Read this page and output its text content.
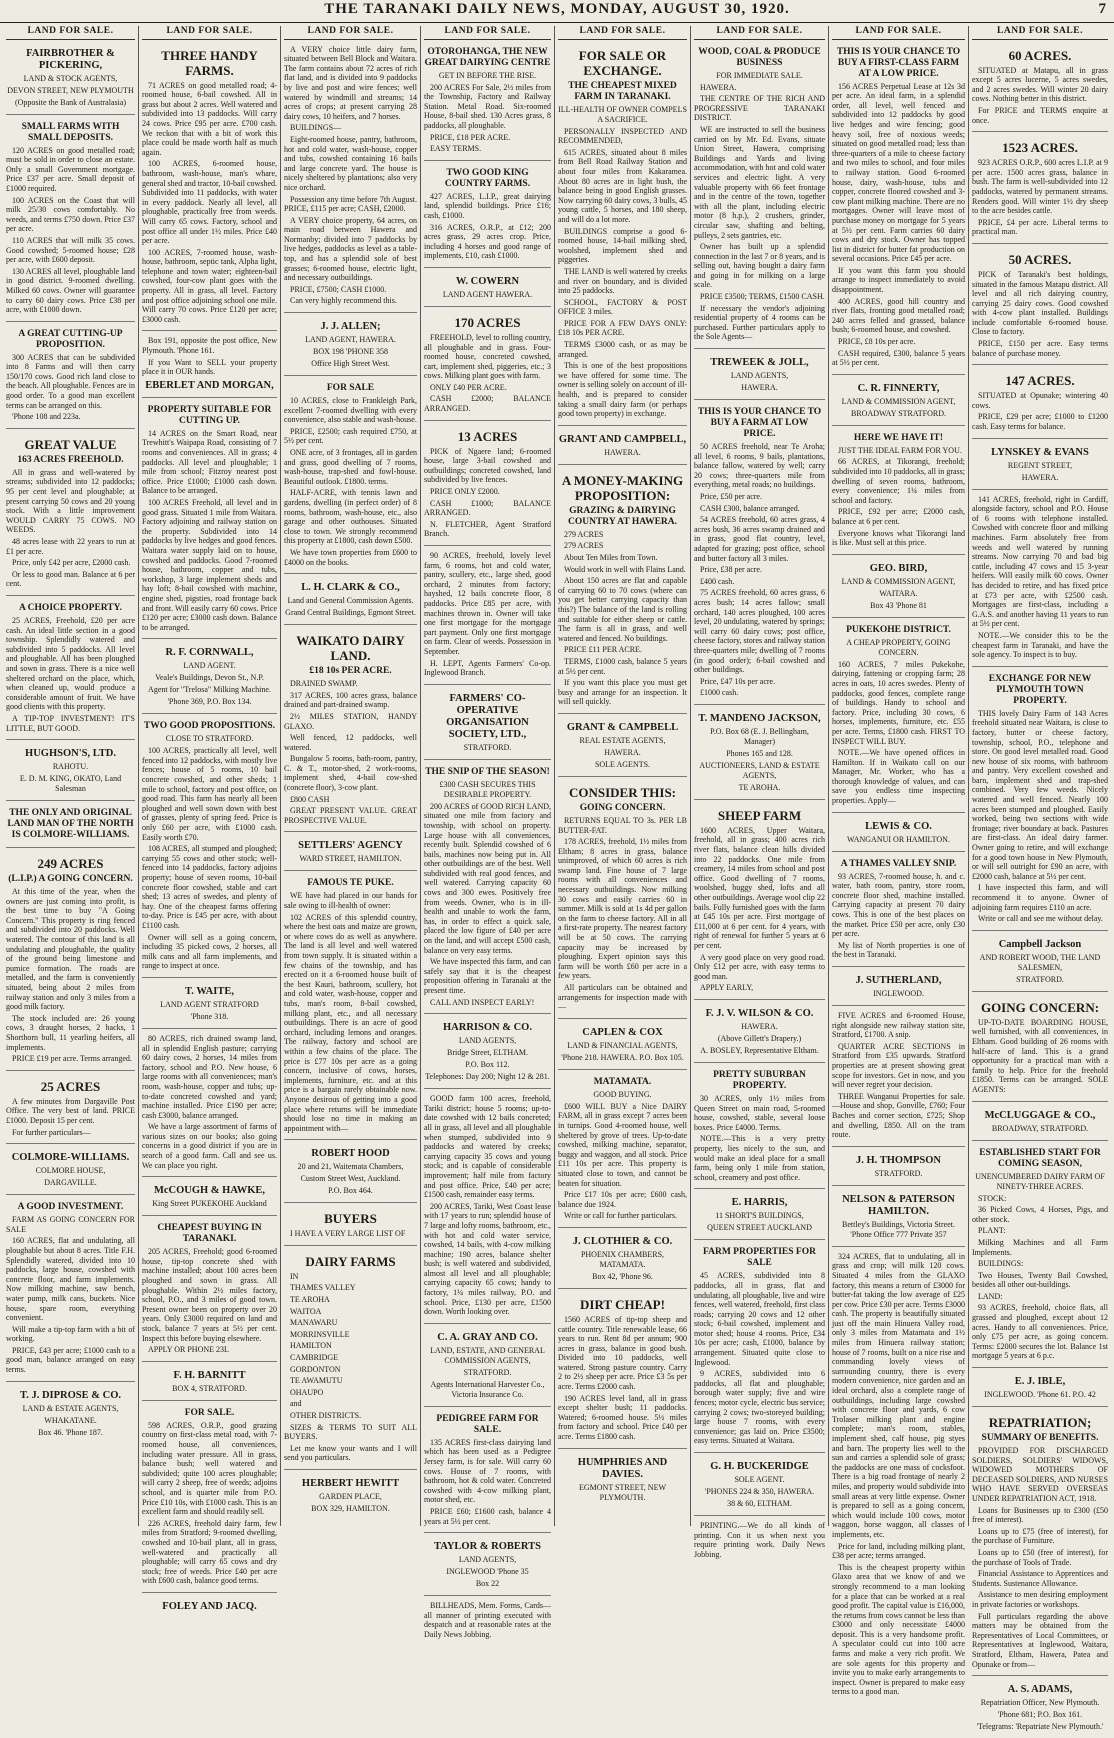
THE TARANAKI DAILY NEWS, MONDAY, AUGUST 30, 1920.	7
LAND FOR SALE.
FAIRBROTHER & PICKERING,
LAND & STOCK AGENTS,
DEVON STREET, NEW PLYMOUTH
(Opposite the Bank of Australasia)
SMALL FARMS WITH SMALL DEPOSITS.

120 ACRES on good metalled road; must be sold in order to close an estate. Only a small Government mortgage. Price £37 per acre. Small deposit of £1000 required.

100 ACRES on the Coast that will milk 25/30 cows comfortably. No weeds, and terms £750 down. Price £37 per acre.

110 ACRES that will milk 35 cows. Good cowshed; 5-roomed house; £28 per acre, with £600 deposit.

130 ACRES all level, ploughable land in good district. 9-roomed dwelling. Milked 60 cows. Owner will guarantee to carry 60 dairy cows. Price £38 per acre, with £1000 down.

A GREAT CUTTING-UP PROPOSITION.

300 ACRES that can be subdivided into 8 Farms and will then carry 150/170 cows. Good rich land close to the beach. All ploughable. Fences are in good order. To a good man excellent terms can be arranged on this.

'Phone 108 and 223a.

GREAT VALUE
163 ACRES FREEHOLD.

All in grass and well-watered by streams; subdivided into 12 paddocks; 95 per cent level and ploughable; at present carrying 50 cows and 20 young stock. With a little improvement WOULD CARRY 75 COWS. NO WEEDS.

48 acres lease with 22 years to run at £1 per acre.

Price, only £42 per acre, £2000 cash.

Or less to good man. Balance at 6 per cent.

A CHOICE PROPERTY.

25 ACRES, Freehold, £20 per acre cash. An ideal little section in a good township. Splendidly watered and subdivided into 5 paddocks. All level and ploughable. All has been ploughed and sown in grass. There is a nice well sheltered orchard on the place, which, when cleaned up, would produce a considerable amount of fruit. We have good clients with this property.

A TIP-TOP INVESTMENT! IT'S LITTLE, BUT GOOD.

HUGHSON'S, LTD.
RAHOTU.
E. D. M. KING, OKATO, Land Salesman
THE ONLY AND ORIGINAL LAND MAN OF THE NORTH IS COLMORE-WILLIAMS.
249 ACRES
(L.I.P.) A GOING CONCERN.

At this time of the year, when the owners are just coming into profit, is the best time to buy "A Going Concern." This property is ring fenced and subdivided into 20 paddocks. Well watered. The contour of this land is all undulating and ploughable, the quality of the ground being limestone and pumice formation. The roads are metalled, and the farm is conveniently situated, being about 2 miles from railway station and only 3 miles from a good milk factory.

The stock included are: 26 young cows, 3 draught horses, 2 hacks, 1 Shorthorn bull, 11 yearling heifers, all implements.

PRICE £19 per acre. Terms arranged.

25 ACRES

A few minutes from Dargaville Post Office. The very best of land. PRICE £1000. Deposit 15 per cent.

For further particulars—

COLMORE-WILLIAMS.
COLMORE HOUSE,
DARGAVILLE.
A GOOD INVESTMENT.

FARM AS GOING CONCERN FOR SALE

160 ACRES, flat and undulating, all ploughable but about 8 acres. Title F.H. Splendidly watered, divided into 10 paddocks, large house, cowshed with concrete floor, and farm implements. Now milking machine, saw bench, water pump, milk cans, buckets. Nice house, spare room, everything convenient.

Will make a tip-top farm with a bit of working.

PRICE, £43 per acre; £1000 cash to a good man, balance arranged on easy terms.

T. J. DIPROSE & CO.
LAND & ESTATE AGENTS,
WHAKATANE.
Box 46. 'Phone 187.
LAND FOR SALE.
THREE HANDY FARMS.

71 ACRES on good metalled road; 4-roomed house, 6-bail cowshed. All in grass but about 2 acres. Well watered and subdivided into 13 paddocks. Will carry 24 cows. Price £95 per acre. £700 cash. We reckon that with a bit of work this place could be made worth half as much again.

100 ACRES, 6-roomed house, bathroom, wash-house, man's whare, general shed and tractor, 10-bail cowshed. Subdivided into 11 paddocks, with water in every paddock. Nearly all level, all ploughable, practically free from weeds. Will carry 65 cows. Factory, school and post office all under 1½ miles. Price £40 per acre.

100 ACRES, 7-roomed house, wash-house, bathroom, septic tank, Alpha light, telephone and town water; eighteen-bail cowshed, four-cow plant goes with the property. All in grass, all level. Factory and post office adjoining school one mile. Will carry 70 cows. Price £120 per acre; £3000 cash.

Box 191, opposite the post office, New Plymouth. 'Phone 161.

If you Want to SELL your property place it in OUR hands.

EBERLET AND MORGAN,
PROPERTY SUITABLE FOR CUTTING UP.

14 ACRES on the Smart Road, near Trewhitt's Waipapa Road, consisting of 7 rooms and conveniences. All in grass; 4 paddocks. All level and ploughable; 1 mile from school; Fitzroy nearest post office. Price £1000; £1000 cash down. Balance to be arranged.

100 ACRES Freehold, all level and in good grass. Situated 1 mile from Waitara. Factory adjoining and railway station on the property. Subdivided into 14 paddocks by live hedges and good fences. Waitara water supply laid on to house, cowshed and paddocks. Good 7-roomed house, bathroom, copper and tubs, workshop, 3 large implement sheds and hay loft; 8-bail cowshed with machine, engine shed, pigsties, road frontage back and front. Will easily carry 60 cows. Price £120 per acre; £3000 cash down. Balance to be arranged.

R. F. CORNWALL,
LAND AGENT.
Veale's Buildings, Devon St., N.P.
Agent for "Trelosa" Milking Machine.
'Phone 369, P.O. Box 134.
TWO GOOD PROPOSITIONS.
CLOSE TO STRATFORD.

100 ACRES, practically all level, well fenced into 12 paddocks, with mostly live fences; house of 5 rooms, 10 bail concrete cowshed, and other sheds; 1 mile to school, factory and post office, on good road. This farm has nearly all been ploughed and well sown down with best of grasses, plenty of spring feed. Price is only £60 per acre, with £1000 cash. Easily worth £70.

108 ACRES, all stumped and ploughed; carrying 55 cows and other stock; well-fenced into 14 paddocks, factory adjoins property; house of seven rooms, 10-bail concrete floor cowshed, stable and cart shed; 13 acres of swedes, and plenty of hay. One of the cheapest farms offering to-day. Price is £45 per acre, with about £1100 cash.

Owner will sell as a going concern, including 35 picked cows, 2 horses, all milk cans and all farm implements, and range to inspect at once.

T. WAITE,
LAND AGENT STRATFORD
'Phone 318.

80 ACRES, rich drained swamp land, all in splendid English pasture; carrying 60 dairy cows, 2 horses, 14 miles from factory, school and P.O. New house, 6 large rooms with all conveniences; man's room, wash-house, copper and tubs; up-to-date concreted cowshed and yard; machine installed. Price £190 per acre; cash £3000, balance arranged.

We have a large assortment of farms of various sizes on our books; also going concerns in a good district if you are in search of a good farm. Call and see us. We can place you right.

McCOUGH & HAWKE,
King Street PUKEKOHE Auckland
CHEAPEST BUYING IN TARANAKI.

205 ACRES, Freehold; good 6-roomed house, tip-top concrete shed with machine installed; about 100 acres been ploughed and sown in grass. All ploughable. Within 2½ miles factory, school, P.O., and 3 miles of good town. Present owner been on property over 20 years. Only £3000 required on land and stock, balance 7 years at 5½ per cent. Inspect this before buying elsewhere.

APPLY OR PHONE 23L

F. H. BARNITT
BOX 4, STRATFORD.
FOR SALE.

598 ACRES, O.R.P., good grazing country on first-class metal road, with 7-roomed house, all conveniences, including water pressure. All in grass, balance bush; well watered and subdivided; quite 100 acres ploughable; will carry 2 sheep, free of weeds; adjoins school, and is quarter mile from P.O. Price £10 10s, with £1000 cash. This is an excellent farm and should readily sell.

226 ACRES, freehold dairy farm, few miles from Stratford; 9-roomed dwelling, cowshed and 10-bail plant, all in grass, well-watered and practically all ploughable; will carry 65 cows and dry stock; free of weeds. Price £40 per acre with £600 cash, balance good terms.

FOLEY AND JACQ.
LAND FOR SALE.

A VERY choice little dairy farm, situated between Bell Block and Waitara. The farm contains about 72 acres of rich flat land, and is divided into 9 paddocks by live and post and wire fences; well watered by windmill and streams; 14 acres of crops; at present carrying 28 dairy cows, 10 heifers, and 7 horses.

BUILDINGS—

Eight-roomed house, pantry, bathroom, hot and cold water, wash-house, copper and tubs, cowshed containing 16 bails and large concrete yard. The house is nicely sheltered by plantations; also very nice orchard.

Possession any time before 7th August. PRICE, £115 per acre; CASH, £2000.

A VERY choice property, 64 acres, on main road between Hawera and Normanby; divided into 7 paddocks by live hedges, paddocks as level as a table-top, and has a splendid sole of best grasses; 6-roomed house, electric light, and necessary outbuildings.

PRICE, £7500; CASH £1000.

Can very highly recommend this.

J. J. ALLEN;
LAND AGENT, HAWERA.
BOX 198 'PHONE 358
Office High Street West.
FOR SALE

10 ACRES, close to Frankleigh Park, excellent 7-roomed dwelling with every convenience, also stable and wash-house.

PRICE, £2500; cash required £750, at 5½ per cent.

ONE acre, of 3 frontages, all in garden and grass, good dwelling of 7 rooms, wash-house, trap-shed and fowl-house. Beautiful outlook. £1800. terms.

HALF-ACRE, with tennis lawn and gardens, dwelling (in perfect order) of 8 rooms, bathroom, wash-house, etc., also garage and other outhouses. Situated close to town. We strongly recommend this property at £1800, cash down £500.

We have town properties from £600 to £4000 on the books.

L. H. CLARK & CO.,
Land and General Commission Agents.
Grand Central Buildings, Egmont Street.
WAIKATO DAIRY LAND.
£18 10s PER ACRE.

DRAINED SWAMP.

317 ACRES, 100 acres grass, balance drained and part-drained swamp.

2½ MILES STATION, HANDY GLAXO.

Well fenced, 12 paddocks, well watered.

Bungalow 5 rooms, bath-room, pantry, C. & T., motor-shed, 2 work-rooms, implement shed, 4-bail cow-shed (concrete floor), 3-cow plant.

£800 CASH

GREAT PRESENT VALUE. GREAT PROSPECTIVE VALUE.

SETTLERS' AGENCY
WARD STREET, HAMILTON.
FAMOUS TE PUKE.

WE have had placed in our hands for sale owing to ill-health of owner:

102 ACRES of this splendid country, where the best oats and maize are grown, or where cows do as well as anywhere. The land is all level and well watered from town supply. It is situated within a few chains of the township, and has erected on it a 6-roomed house built of the best Kauri, bathroom, scullery, hot and cold water, wash-house, copper and tubs, man's room, 8-bail cowshed, milking plant, etc., and all necessary outbuildings. There is an acre of good orchard, including lemons and oranges. The railway, factory and school are within a few chains of the place. The price is £77 10s per acre as a going concern, inclusive of cows, horses, implements, furniture, etc. and at this price is a bargain rarely obtainable now. Anyone desirous of getting into a good place where returns will be immediate should lose no time in making an appointment with—

ROBERT HOOD
20 and 21, Waitemata Chambers,
Custom Street West, Auckland.
P.O. Box 464.
BUYERS

I HAVE A VERY LARGE LIST OF

DAIRY FARMS

IN

THAMES VALLEY

TE AROHA

WAITOA

MANAWARU

MORRINSVILLE

HAMILTON

CAMBRIDGE

GORDONTON

TE AWAMUTU

OHAUPO

and

OTHER DISTRICTS.

SIZES & TERMS TO SUIT ALL BUYERS.

Let me know your wants and I will send you particulars.

HERBERT HEWITT
GARDEN PLACE,
BOX 329, HAMILTON.
LAND FOR SALE.
OTOROHANGA, THE NEW GREAT DAIRYING CENTRE
GET IN BEFORE THE RISE.

200 ACRES For Sale, 2½ miles from the Township, Factory and Railway Station. Metal Road. Six-roomed House, 8-bail shed. 130 Acres grass, 8 paddocks, all ploughable.

PRICE, £18 PER ACRE.

EASY TERMS.

TWO GOOD KING COUNTRY FARMS.

427 ACRES, L.I.P., great dairying land, splendid buildings. Price £16; cash, £1000.

316 ACRES, O.R.P., at £12; 200 acres grass, 29 acres crop. Price, including 4 horses and good range of implements, £10, cash £1000.

W. COWERN
LAND AGENT HAWERA.
170 ACRES

FREEHOLD, level to rolling country, all ploughable and in grass. Four-roomed house, concreted cowshed, cart, implement shed, piggeries, etc.; 3 cows. Milking plant goes with farm.

ONLY £40 PER ACRE.

CASH £2000; BALANCE ARRANGED.

13 ACRES

PICK of Ngaere land; 6-roomed house, large 3-bail cowshed and outbuildings; concreted cowshed, land subdivided by live fences.

PRICE ONLY £2000.

CASH £1000; BALANCE ARRANGED.

N. FLETCHER, Agent Stratford Branch.

90 ACRES, freehold, lovely level farm, 6 rooms, hot and cold water, pantry, scullery, etc., large shed, good orchard, 2 minutes from factory; hayshed, 12 bails concrete floor, 8 paddocks. Price £85 per acre, with machines thrown in. Owner will take one first mortgage for the mortgage part payment. Only one first mortgage on farm. Clear of weeds. Possession in September.

H. LEPT, Agents Farmers' Co-op. Inglewood Branch.

FARMERS' CO-OPERATIVE ORGANISATION SOCIETY, LTD.,
STRATFORD.
THE SNIP OF THE SEASON!
£300 CASH SECURES THIS DESIRABLE PROPERTY.

200 ACRES of GOOD RICH LAND, situated one mile from factory and township, with school on property. Large house with all conveniences, recently built. Splendid cowshed of 6 bails, machines now being put in. All other outbuildings are of the best. Well subdivided with real good fences, and well watered. Carrying capacity 60 cows and 300 ewes. Positively free from weeds. Owner, who is in ill-health and unable to work the farm, has, in order to effect a quick sale, placed the low figure of £40 per acre on the land, and will accept £500 cash, balance on very easy terms.

We have inspected this farm, and can safely say that it is the cheapest proposition offering in Taranaki at the present time.

CALL AND INSPECT EARLY!

HARRISON & CO.
LAND AGENTS,
Bridge Street, ELTHAM.
P.O. Box 112.
Telephones: Day 200; Night 12 & 281.

GOOD farm 100 acres, freehold, Tariki district; house 5 rooms; up-to-date cowshed with 12 bails concreted; all in grass, all level and all ploughable when stumped, subdivided into 9 paddocks and watered by creeks; carrying capacity 35 cows and young stock; and is capable of considerable improvement; half mile from factory and post office. Price, £40 per acre; £1500 cash, remainder easy terms.

200 ACRES, Tariki, West Coast lease with 17 years to run; splendid house of 7 large and lofty rooms, bathroom, etc., with hot and cold water service, cowshed, 14 bails, with 4-cow milking machine; 190 acres, balance shelter bush; is well watered and subdivided, almost all level and all ploughable; carrying capacity 65 cows; handy to factory, 1¼ miles railway, P.O. and school. Price, £130 per acre, £1500 down. Worth looking over.

C. A. GRAY AND CO.
LAND, ESTATE, AND GENERAL COMMISSION AGENTS,
STRATFORD.
Agents International Harvester Co., Victoria Insurance Co.
PEDIGREE FARM FOR SALE.

135 ACRES first-class dairying land which has been used as a Pedigree Jersey farm, is for sale. Will carry 60 cows. House of 7 rooms, with bathroom, hot & cold water. Concreted cowshed with 4-cow milking plant, motor shed, etc.

PRICE £60; £1600 cash, balance 4 years at 5½ per cent.

TAYLOR & ROBERTS
LAND AGENTS,
INGLEWOOD 'Phone 35
Box 22

BILLHEADS, Mem. Forms, Cards—all manner of printing executed with despatch and at reasonable rates at the Daily News Jobbing.

LAND FOR SALE.
FOR SALE OR EXCHANGE.
THE CHEAPEST MIXED FARM IN TARANAKI.
ILL-HEALTH OF OWNER COMPELS A SACRIFICE.

PERSONALLY INSPECTED AND RECOMMENDED,

615 ACRES, situated about 8 miles from Bell Road Railway Station and about four miles from Kakaramea. About 80 acres are in light bush, the balance being in good English grasses. Now carrying 60 dairy cows, 3 bulls, 45 young cattle, 5 horses, and 180 sheep, and will do a lot more.

BUILDINGS comprise a good 6-roomed house, 14-bail milking shed, woolshed, implement shed and piggeries.

THE LAND is well watered by creeks and river on boundary, and is divided into 25 paddocks.

SCHOOL, FACTORY & POST OFFICE 3 miles.

PRICE FOR A FEW DAYS ONLY: £18 10s PER ACRE.

TERMS £3000 cash, or as may be arranged.

This is one of the best propositions we have offered for some time. The owner is selling solely on account of ill-health, and is prepared to consider taking a small dairy farm (or perhaps good town property) in exchange.

GRANT AND CAMPBELL,
HAWERA.
A MONEY-MAKING PROPOSITION:
GRAZING & DAIRYING COUNTRY AT HAWERA.

279 ACRES

279 ACRES

About Ten Miles from Town.

Would work in well with Flains Land.

About 150 acres are flat and capable of carrying 60 to 70 cows (where can you get better carrying capacity than this?) The balance of the land is rolling and suitable for either sheep or cattle. The farm is all in grass, and well watered and fenced. No buildings.

PRICE £11 PER ACRE.

TERMS, £1000 cash, balance 5 years at 5½ per cent.

If you want this place you must get busy and arrange for an inspection. It will sell quickly.

GRANT & CAMPBELL
REAL ESTATE AGENTS,
HAWERA.
SOLE AGENTS.
CONSIDER THIS:
GOING CONCERN.

RETURNS EQUAL TO 3s. PER LB BUTTER-FAT.

178 ACRES, freehold, 1½ miles from Eltham; 8 acres in grass, balance unimproved, of which 60 acres is rich swamp land. Fine house of 7 large rooms with all conveniences and necessary outbuildings. Now milking 30 cows and easily carries 60 in summer. Milk is sold at 1s 4d per gallon on the farm to cheese factory. All in all a first-rate property. The nearest factory will be at 50 cows. The carrying capacity may be increased by ploughing. Expert opinion says this farm will be worth £60 per acre in a few years.

All particulars can be obtained and arrangements for inspection made with—

CAPLEN & COX
LAND & FINANCIAL AGENTS,
'Phone 218. HAWERA. P.O. Box 105.
MATAMATA.
GOOD BUYING.

£600 WILL BUY a Nice DAIRY FARM, all in grass except 7 acres been in turnips. Good 4-roomed house, well sheltered by grove of trees. Up-to-date cowshed, milking machine, separator, buggy and waggon, and all stock. Price £11 10s per acre. This property is situated close to town, and cannot be beaten for situation.

Price £17 10s per acre; £600 cash, balance due 1924.

Write or call for further particulars.

J. CLOTHIER & CO.
PHOENIX CHAMBERS, MATAMATA.
Box 42, 'Phone 96.
DIRT CHEAP!

1560 ACRES of tip-top sheep and cattle country. Title renewable lease, 66 years to run. Rent 8d per annum; 900 acres in grass, balance in good bush. Divided into 10 paddocks, well watered. Strong pasture country. Carry 2 to 2½ sheep per acre. Price £3 5s per acre. Terms £2000 cash.

190 ACRES level land, all in grass except shelter bush; 11 paddocks. Watered; 6-roomed house. 5½ miles from factory and school. Price £40 per acre. Terms £1800 cash.

HUMPHRIES AND DAVIES.
EGMONT STREET, NEW PLYMOUTH.
LAND FOR SALE.
WOOD, COAL & PRODUCE BUSINESS
FOR IMMEDIATE SALE.

HAWERA.

THE CENTRE OF THE RICH AND PROGRESSIVE TARANAKI DISTRICT.

WE are instructed to sell the business carried on by Mr. Ed. Evans, situate Union Street, Hawera, comprising Buildings and Yards and living accommodation, with hot and cold water services and electric light. A very valuable property with 66 feet frontage and in the centre of the town, together with all the plant, including electric motor (8 h.p.), 2 crushers, grinder, circular saw, shafting and belting, pulleys, 2 sets gantries, etc.

Owner has built up a splendid connection in the last 7 or 8 years, and is selling out, having bought a dairy farm and going in for milking on a large scale.

PRICE £3500; TERMS, £1500 CASH.

If necessary the vendor's adjoining residential property of 4 rooms can be purchased. Further particulars apply to the Sole Agents—

TREWEEK & JOLL,
LAND AGENTS,
HAWERA.
THIS IS YOUR CHANCE TO BUY A FARM AT LOW PRICE.

50 ACRES freehold, near Te Aroha; all level, 6 rooms, 9 bails, plantations, balance fallow, watered by well; carry 20 cows; three-quarters mile from everything, metal roads; no buildings.

Price, £50 per acre.

CASH £300, balance arranged.

54 ACRES freehold, 60 acres grass, 4 acres bush, 36 acres swamp drained and in grass, good flat country, level, adapted for grazing; post office, school and butter factory all 3 miles.

Price, £38 per acre.

£400 cash.

75 ACRES freehold, 60 acres grass, 6 acres bush; 14 acres fallow; small orchard, 140 acres ploughed, 100 acres level, 20 undulating, watered by springs; will carry 60 dairy cows; post office, cheese factory, stores and railway station three-quarters mile; dwelling of 7 rooms (in good order); 6-bail cowshed and other buildings.

Price, £47 10s per acre.

£1000 cash.

T. MANDENO JACKSON,
P.O. Box 68 (E. J. Bellingham, Manager)
Phones 165 and 128.
AUCTIONEERS, LAND & ESTATE AGENTS,
TE AROHA.
SHEEP FARM

1600 ACRES, Upper Waitara, freehold, all in grass; 400 acres rich river flats, balance clean hills divided into 22 paddocks. One mile from creamery, 14 miles from school and post office. Good dwelling of 7 rooms, woolshed, buggy shed, lofts and all other outbuildings. Average wool clip 22 bails. Fully furnished goes with the farm at £45 10s per acre. First mortgage of £11,000 at 6 per cent. for 4 years, with right of renewal for further 5 years at 6 per cent.

A very good place on very good road. Only £12 per acre, with easy terms to good man.

APPLY EARLY,

F. J. V. WILSON & CO.
HAWERA.
(Above Gillett's Drapery.)
A. BOSLEY, Representative Eltham.
PRETTY SUBURBAN PROPERTY.

30 ACRES, only 1½ miles from Queen Street on main road, 5-roomed house, cowshed, stable, several loose boxes. Price £4000. Terms.

NOTE.—This is a very pretty property, lies nicely to the sun, and would make an ideal place for a small farm, being only 1 mile from station, school, creamery and post office.

E. HARRIS,
11 SHORT'S BUILDINGS,
QUEEN STREET AUCKLAND
FARM PROPERTIES FOR SALE

45 ACRES, subdivided into 8 paddocks, all in grass, flat and undulating, all ploughable, live and wire fences, well watered, freehold, first class roads; carrying 20 cows and 12 other stock; 6-bail cowshed, implement and motor shed; house 4 rooms. Price, £34 10s per acre; cash, £1000, balance by arrangement. Situated quite close to Inglewood.

9 ACRES, subdivided into 6 paddocks, all flat and ploughable; borough water supply; five and wire fences; motor cycle, electric bus service; carrying 2 cows; two-storeyed building; large house 7 rooms, with every convenience; gas laid on. Price £3500; easy terms. Situated at Waitara.

G. H. BUCKERIDGE
SOLE AGENT.
'PHONES 224 & 350, HAWERA.
38 & 60, ELTHAM.

PRINTING.—We do all kinds of printing. Con it us when next you require printing work. Daily News Jobbing.

LAND FOR SALE.
THIS IS YOUR CHANCE TO BUY A FIRST-CLASS FARM AT A LOW PRICE.

156 ACRES Perpetual Lease at 12s 3d per acre. An ideal farm, in a splendid order, all level, well fenced and subdivided into 12 paddocks by good live hedges and wire fencing; good heavy soil, free of noxious weeds; situated on good metalled road; less than three-quarters of a mile to cheese factory and two miles to school, and four miles to railway station. Good 6-roomed house, dairy, wash-house, tubs and copper, concrete floored cowshed and 3-cow plant milking machine. There are no mortgages. Owner will leave most of purchase money on mortgage for 5 years at 5½ per cent. Farm carries 60 dairy cows and dry stock. Owner has topped list in district for butter fat production on several occasions. Price £45 per acre.

If you want this farm you should arrange to inspect immediately to avoid disappointment.

400 ACRES, good hill country and river flats, fronting good metalled road; 240 acres felled and grassed, balance bush; 6-roomed house, and cowshed.

PRICE, £8 10s per acre.

CASH required, £300, balance 5 years at 5½ per cent.

C. R. FINNERTY,
LAND & COMMISSION AGENT,
BROADWAY STRATFORD.
HERE WE HAVE IT!

JUST THE IDEAL FARM FOR YOU.

66 ACRES, at Tikorangi, freehold; subdivided into 10 paddocks, all in grass; dwelling of seven rooms, bathroom, every convenience; 1¼ miles from school and factory.

PRICE, £92 per acre; £2000 cash, balance at 6 per cent.

Everyone knows what Tikorangi land is like. Must sell at this price.

GEO. BIRD,
LAND & COMMISSION AGENT,
WAITARA.
Box 43 'Phone 81
PUKEKOHE DISTRICT.
A CHEAP PROPERTY, GOING CONCERN.

160 ACRES, 7 miles Pukekohe, dairying, fattening or cropping farm; 28 acres in oats, 10 acres swedes. Plenty of paddocks, good fences, complete range of buildings. Handy to school and factory. Price, including 30 cows, 6 horses, implements, furniture, etc. £55 per acre. Terms, £1800 cash. FIRST TO INSPECT WILL BUY.

NOTE.—We have opened offices in Hamilton. If in Waikato call on our Manager, Mr. Worker, who has a thorough knowledge of values, and can save you endless time inspecting properties. Apply—

LEWIS & CO.
WANGANUI OR HAMILTON.
A THAMES VALLEY SNIP.

93 ACRES, 7-roomed house, h. and c. water, bath room, pantry, store room, concrete floor shed, machine installed. Carrying capacity at present 70 dairy cows. This is one of the best places on the market. Price £50 per acre, only £30 per acre.

My list of North properties is one of the best in Taranaki.

J. SUTHERLAND,
INGLEWOOD.

FIVE ACRES and 6-roomed House, right alongside new railway station site, Stratford, £1700. A snip.

QUARTER ACRE SECTIONS in Stratford from £35 upwards. Stratford properties are at present showing great scope for investors. Get in now, and you will never regret your decision.

THREE Wanganui Properties for sale.—House and shop, Gonville, £760; Four Baches and corner section, £725; Shop and dwelling, £850. All on the tram route.

J. H. THOMPSON
STRATFORD.
NELSON & PATERSON HAMILTON.
Bettley's Buildings, Victoria Street. 'Phone Office 777 Private 357

324 ACRES, flat to undulating, all in grass and crop; will milk 120 cows. Situated 4 miles from the GLAXO factory, this means a return of £3000 for butter-fat taking the low average of £25 per cow. Price £30 per acre. Terms £3000 cash. The property is beautifully situated just off the main Hinuera Valley road, only 3 miles from Matamata and 1½ miles from Hinuera railway station; house of 7 rooms, built on a nice rise and commanding lovely views of surrounding country, there is every modern convenience, nice garden and an ideal orchard, also a complete range of outbuildings, including large cowshed with concrete floor and yards, 6 cow Trolaser milking plant and engine complete; man's room, stables, implement shed, calf house, pig styes and barn. The property lies well to the sun and carries a splendid sole of grass; the paddocks are one mass of cocksfoot. There is a big road frontage of nearly 2 miles, and property would subdivide into small areas at very little expense. Owner is prepared to sell as a going concern, which would include 100 cows, motor waggon, horse waggon, all classes of implements, etc.

Price for land, including milking plant, £38 per acre; terms arranged.

This is the cheapest property within Glaxo area that we know of and we strongly recommend to a man looking for a place that can be worked at a real good profit. The capital value is £16,000, the returns from cows cannot be less than £3000 and only necessitate £4000 deposit. This is a very handsome profit. A speculator could cut into 100 acre farms and make a very rich profit. We are sole agents for this property and invite you to make early arrangements to inspect. Owner is prepared to make easy terms to a good man.

LAND FOR SALE.
60 ACRES.

SITUATED at Matapu, all in grass except 5 acres lucerne, 5 acres swedes, and 2 acres swedes. Will winter 20 dairy cows. Nothing better in this district.

For PRICE and TERMS enquire at once.

1523 ACRES.

923 ACRES O.R.P., 600 acres L.I.P. at 9 per acre. 1500 acres grass, balance in bush. The farm is well-subdivided into 12 paddocks, watered by permanent streams. Renders good. Will winter 1½ dry sheep to the acre besides cattle.

PRICE, £4 per acre. Liberal terms to practical man.

50 ACRES.

PICK of Taranaki's best holdings, situated in the famous Matapu district. All level and all rich dairying country, carrying 25 dairy cows. Good cowshed with 4-cow plant installed. Buildings include comfortable 6-roomed house. Close to factory.

PRICE, £150 per acre. Easy terms balance of purchase money.

147 ACRES.

SITUATED at Opunake; wintering 40 cows.

PRICE, £29 per acre; £1000 to £1200 cash. Easy terms for balance.

LYNSKEY & EVANS
REGENT STREET,
HAWERA.

141 ACRES, freehold, right in Cardiff, alongside factory, school and P.O. House of 6 rooms with telephone installed. Cowshed with concrete floor and milking machines. Farm absolutely free from weeds and well watered by running streams. Now carrying 70 and bad big cattle, including 47 cows and 15 3-year heifers. Will easily milk 60 cows. Owner has decided to retire, and has fixed price at £73 per acre, with £2500 cash. Mortgages are first-class, including a G.A.S. and another having 11 years to run at 5½ per cent.

NOTE.—We consider this to be the cheapest farm in Taranaki, and have the sole agency. To inspect is to buy.

EXCHANGE FOR NEW PLYMOUTH TOWN PROPERTY.

THIS lovely Dairy Farm of 143 Acres freehold situated near Waitara, is close to factory, butter or cheese factory, township, school, P.O., telephone and store. On good level metalled road. Good new house of six rooms, with bathroom and pantry. Very excellent cowshed and barn, implement shed and trap-shed combined. Very few weeds. Nicely watered and well fenced. Nearly 100 acres been stumped and ploughed. Easily worked, being two sections with wide frontage; river boundary at back. Pastures are first-class. An ideal dairy farmer. Owner going to retire, and will exchange for a good town house in New Plymouth, or will sell outright for £90 an acre, with £2000 cash, balance at 5½ per cent.

I have inspected this farm, and will recommend it to anyone. Owner of adjoining farm requires £110 an acre.

Write or call and see me without delay.

Campbell Jackson
AND ROBERT WOOD, THE LAND SALESMEN,
STRATFORD.
GOING CONCERN:

UP-TO-DATE BOARDING HOUSE, well furnished, with all conveniences, in Eltham. Good building of 26 rooms with half-acre of land. This is a grand opportunity for a practical man with a family to help. Price for the freehold £1850. Terms can be arranged. SOLE AGENTS:

McCLUGGAGE & CO.,
BROADWAY, STRATFORD.
ESTABLISHED START FOR COMING SEASON,
UNENCUMBERED DAIRY FARM OF NINETY-THREE ACRES.

STOCK:

36 Picked Cows, 4 Horses, Pigs, and other stock.

PLANT:

Milking Machines and all Farm Implements.

BUILDINGS:

Two Houses, Twenty Bail Cowshed, besides all other out-buildings.

LAND:

93 ACRES, freehold, choice flats, all grassed and ploughed, except about 12 acres. Handy to all conveniences. Price, only £75 per acre, as going concern. Terms: £2000 secures the lot. Balance 1st mortgage 5 years at 6 p.c.

E. J. IBLE,
INGLEWOOD. 'Phone 61. P.O. 42
REPATRIATION;
SUMMARY OF BENEFITS.

PROVIDED FOR DISCHARGED SOLDIERS, SOLDIERS' WIDOWS, WIDOWED MOTHERS OF DECEASED SOLDIERS, AND NURSES WHO HAVE SERVED OVERSEAS UNDER REPATRIATION ACT, 1918.

Loans for Businesses up to £300 (£50 free of interest).

Loans up to £75 (free of interest), for the purchase of Furniture.

Loans up to £50 (free of interest), for the purchase of Tools of Trade.

Financial Assistance to Apprentices and Students. Sustenance Allowance.

Assistance to men desiring employment in private factories or workshops.

Full particulars regarding the above matters may be obtained from the Representatives of Local Committees, or Representatives at Inglewood, Waitara, Stratford, Eltham, Hawera, Patea and Opunake or from—

A. S. ADAMS,
Repatriation Officer, New Plymouth.
'Phone 681; P.O. Box 161.
'Telegrams: 'Repatriate New Plymouth.'
